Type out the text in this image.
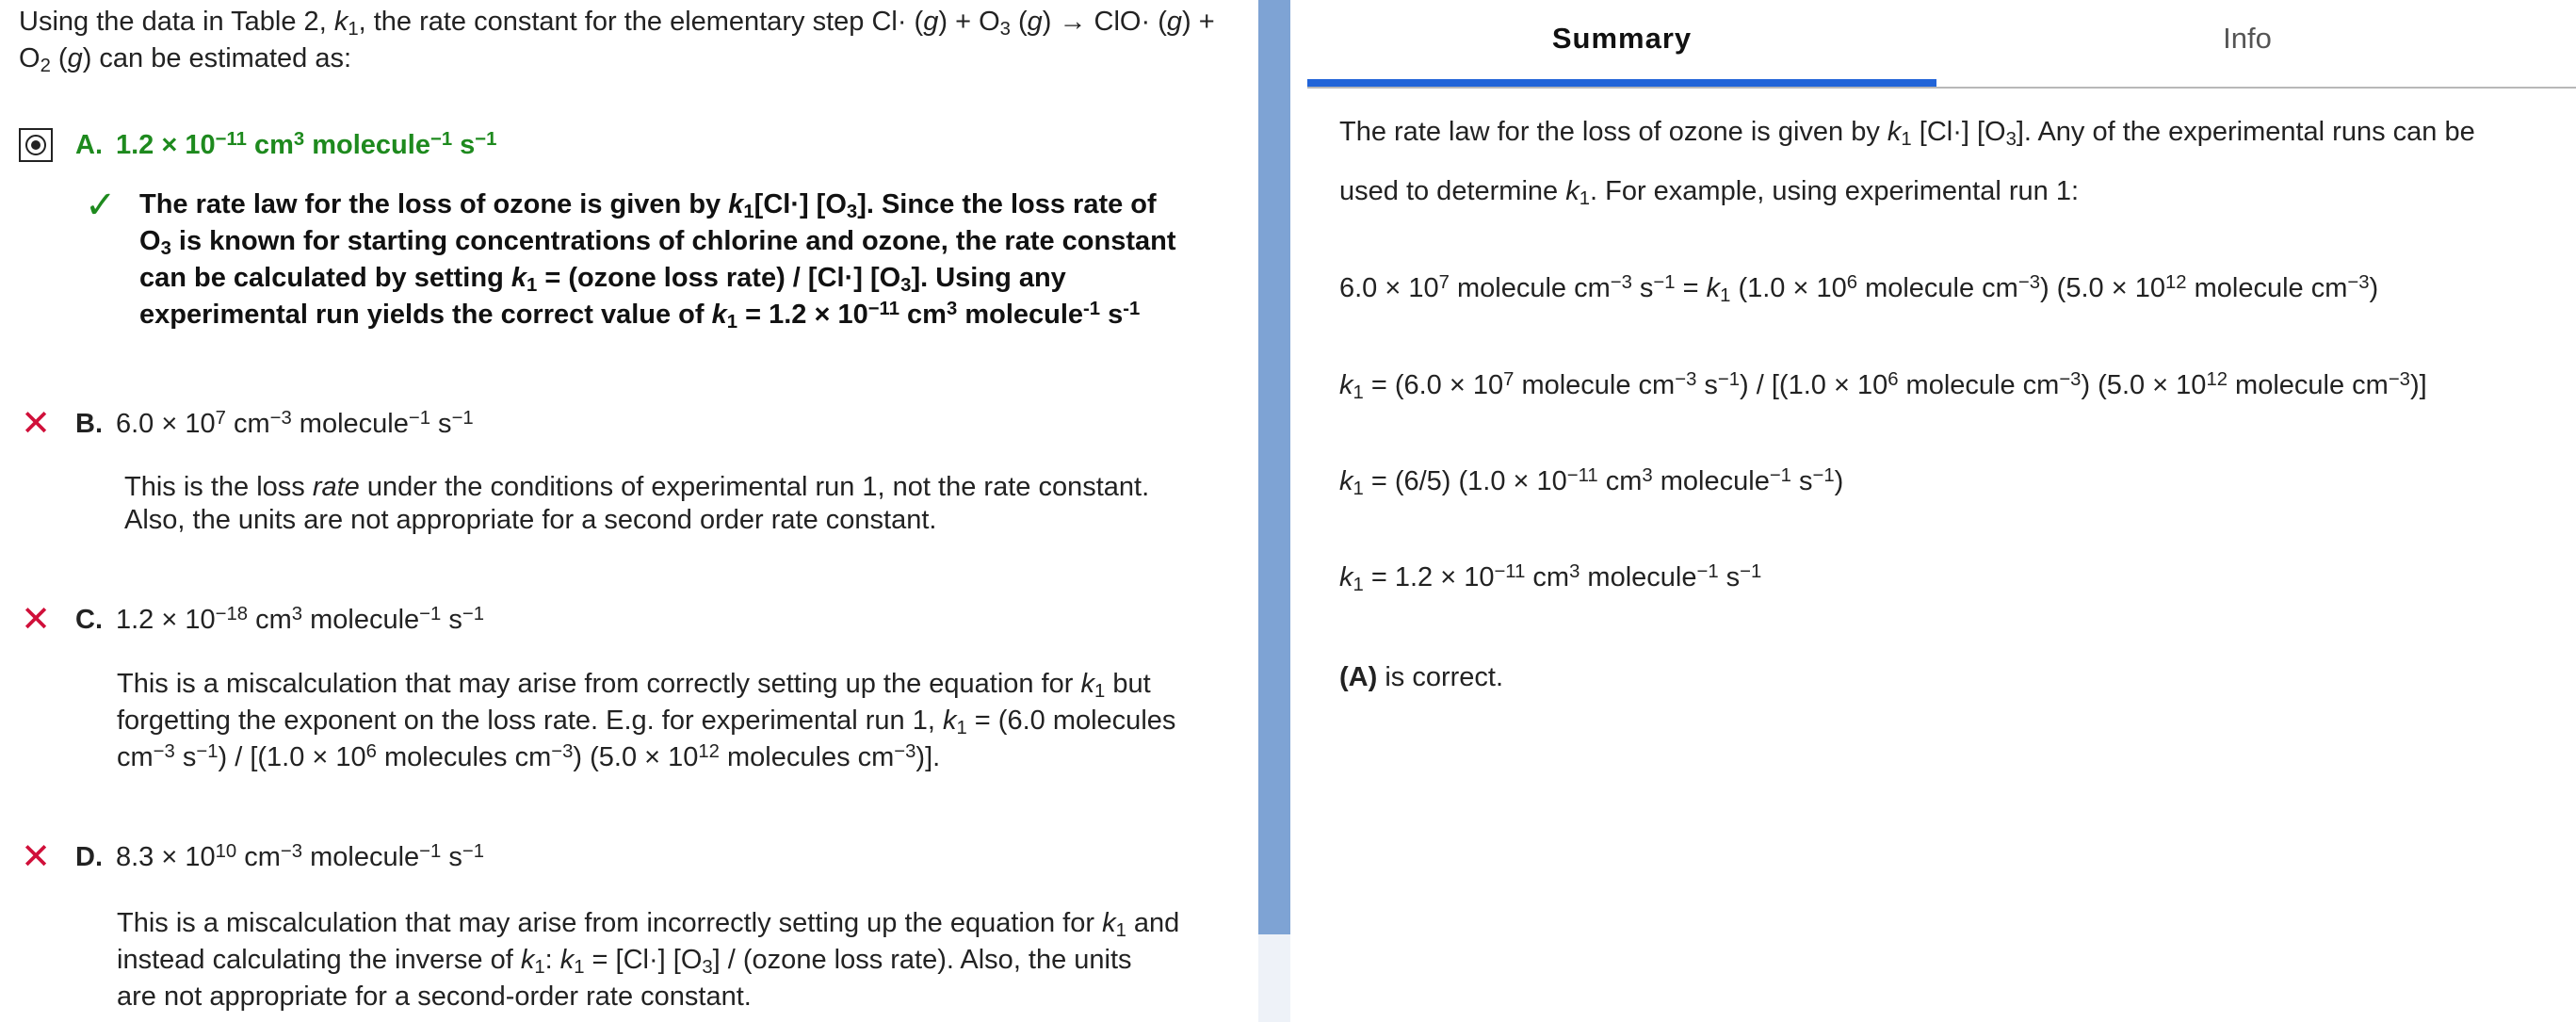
Using the data in Table 2, $k_1$, the rate constant for the elementary step $Cl\cdot (g) + O_3$ $(g) \to ClO\cdot (g) + O_2$ (g) can be estimated as:
A. $1.2 \times 10^{-11}$ $cm^3$ molecule$^{-1}$ $s^{-1}$
✓ The rate law for the loss of ozone is given by $k_1[Cl\cdot]$ $[O_3]$. Since the loss rate of
$O_3$ is known for starting concentrations of chlorine and ozone, the rate constant
can be calculated by setting $k_1$ = (ozone loss rate) / [Cl·] $[O_3]$. Using any
experimental run yields the correct value of $k_1 = 1.2 \times 10^{-11}$ $cm^3$ molecule$^{-1}$ $s^{-1}$
✕ B. $6.0 \times 10^7$ $cm^{-3}$ molecule$^{-1}$ $s^{-1}$
This is the loss rate under the conditions of experimental run 1, not the rate constant.
Also, the units are not appropriate for a second order rate constant.
✕ C. $1.2 \times 10^{-18}$ $cm^3$ molecule$^{-1}$ $s^{-1}$
This is a miscalculation that may arise from correctly setting up the equation for $k_1$ but
forgetting the exponent on the loss rate. E.g. for experimental run 1, $k_1 = (6.0$ molecules
$cm^{-3}$ $s^{-1}) / [(1.0 \times 10^6$ molecules $cm^{-3}$) ($5.0 \times 10^{12}$ molecules $cm^{-3}$)].
✕ D. $8.3 \times 10^{10}$ $cm^{-3}$ molecule$^{-1}$ $s^{-1}$
This is a miscalculation that may arise from incorrectly setting up the equation for $k_1$ and
instead calculating the inverse of $k_1$: $k_1 = [Cl\cdot]$ $[O_3]$ / (ozone loss rate). Also, the units
are not appropriate for a second-order rate constant.
Summary	Info
The rate law for the loss of ozone is given by $k_1$ [Cl·] $[O_3]$. Any of the experimental runs can be
used to determine $k_1$. For example, using experimental run 1:
$6.0 \times 10^7$ molecule $cm^{-3}$ $s^{-1} = k_1$ ($1.0 \times 10^6$ molecule $cm^{-3}$) ($5.0 \times 10^{12}$ molecule $cm^{-3}$)
$k_1 = (6.0 \times 10^7$ molecule $cm^{-3}$ $s^{-1}) / [(1.0 \times 10^6$ molecule $cm^{-3}$) ($5.0 \times 10^{12}$ molecule $cm^{-3}$)]
$k_1 = (6/5) (1.0 \times 10^{-11}$ $cm^3$ molecule$^{-1}$ $s^{-1}$)
$k_1 = 1.2 \times 10^{-11}$ $cm^3$ molecule$^{-1}$ $s^{-1}$
(A) is correct.
